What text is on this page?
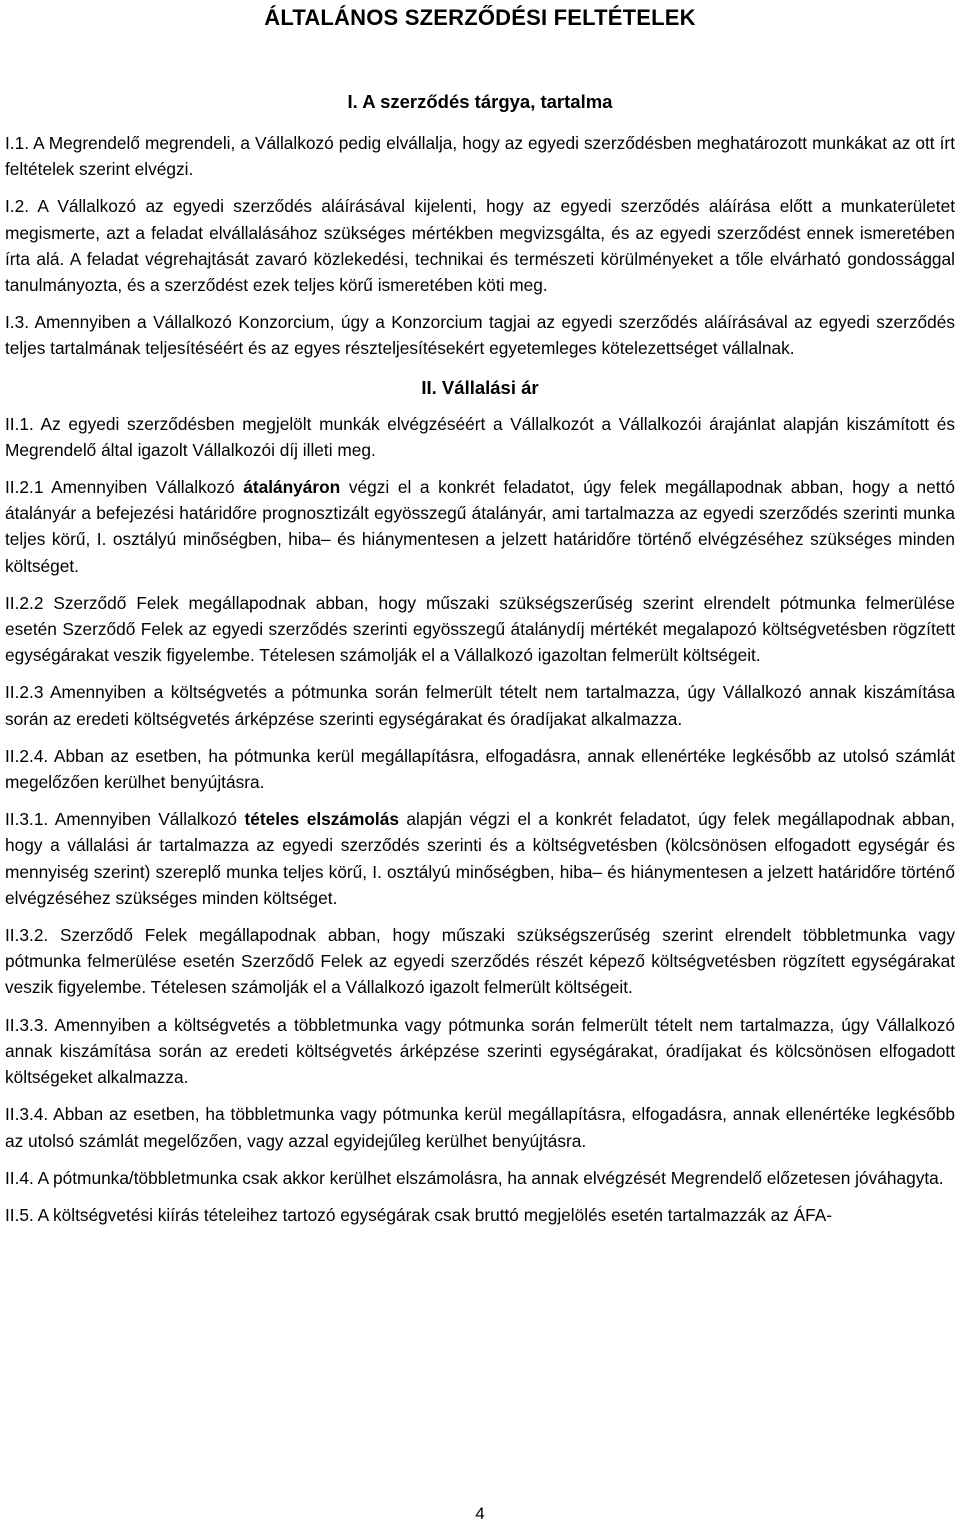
ÁLTALÁNOS SZERZŐDÉSI FELTÉTELEK
I. A szerződés tárgya, tartalma

I.1. A Megrendelő megrendeli, a Vállalkozó pedig elvállalja, hogy az egyedi szerződésben meghatározott munkákat az ott írt feltételek szerint elvégzi.

I.2. A Vállalkozó az egyedi szerződés aláírásával kijelenti, hogy az egyedi szerződés aláírása előtt a munkaterületet megismerte, azt a feladat elvállalásához szükséges mértékben megvizsgálta, és az egyedi szerződést ennek ismeretében írta alá. A feladat végrehajtását zavaró közlekedési, technikai és természeti körülményeket a tőle elvárható gondossággal tanulmányozta, és a szerződést ezek teljes körű ismeretében köti meg.

I.3. Amennyiben a Vállalkozó Konzorcium, úgy a Konzorcium tagjai az egyedi szerződés aláírásával az egyedi szerződés teljes tartalmának teljesítéséért és az egyes részteljesítésekért egyetemleges kötelezettséget vállalnak.

II. Vállalási ár

II.1. Az egyedi szerződésben megjelölt munkák elvégzéséért a Vállalkozót a Vállalkozói árajánlat alapján kiszámított és Megrendelő által igazolt Vállalkozói díj illeti meg.

II.2.1 Amennyiben Vállalkozó átalányáron végzi el a konkrét feladatot, úgy felek megállapodnak abban, hogy a nettó átalányár a befejezési határidőre prognosztizált egyösszegű átalányár, ami tartalmazza az egyedi szerződés szerinti munka teljes körű, I. osztályú minőségben, hiba– és hiánymentesen a jelzett határidőre történő elvégzéséhez szükséges minden költséget.

II.2.2 Szerződő Felek megállapodnak abban, hogy műszaki szükségszerűség szerint elrendelt pótmunka felmerülése esetén Szerződő Felek az egyedi szerződés szerinti egyösszegű átalánydíj mértékét megalapozó költségvetésben rögzített egységárakat veszik figyelembe. Tételesen számolják el a Vállalkozó igazoltan felmerült költségeit.

II.2.3 Amennyiben a költségvetés a pótmunka során felmerült tételt nem tartalmazza, úgy Vállalkozó annak kiszámítása során az eredeti költségvetés árképzése szerinti egységárakat és óradíjakat alkalmazza.

II.2.4. Abban az esetben, ha pótmunka kerül megállapításra, elfogadásra, annak ellenértéke legkésőbb az utolsó számlát megelőzően kerülhet benyújtásra.

II.3.1. Amennyiben Vállalkozó tételes elszámolás alapján végzi el a konkrét feladatot, úgy felek megállapodnak abban, hogy a vállalási ár tartalmazza az egyedi szerződés szerinti és a költségvetésben (kölcsönösen elfogadott egységár és mennyiség szerint) szereplő munka teljes körű, I. osztályú minőségben, hiba– és hiánymentesen a jelzett határidőre történő elvégzéséhez szükséges minden költséget.

II.3.2. Szerződő Felek megállapodnak abban, hogy műszaki szükségszerűség szerint elrendelt többletmunka vagy pótmunka felmerülése esetén Szerződő Felek az egyedi szerződés részét képező költségvetésben rögzített egységárakat veszik figyelembe. Tételesen számolják el a Vállalkozó igazolt felmerült költségeit.

II.3.3. Amennyiben a költségvetés a többletmunka vagy pótmunka során felmerült tételt nem tartalmazza, úgy Vállalkozó annak kiszámítása során az eredeti költségvetés árképzése szerinti egységárakat, óradíjakat és kölcsönösen elfogadott költségeket alkalmazza.

II.3.4. Abban az esetben, ha többletmunka vagy pótmunka kerül megállapításra, elfogadásra, annak ellenértéke legkésőbb az utolsó számlát megelőzően, vagy azzal egyidejűleg kerülhet benyújtásra.

II.4. A pótmunka/többletmunka csak akkor kerülhet elszámolásra, ha annak elvégzését Megrendelő előzetesen jóváhagyta.

II.5. A költségvetési kiírás tételeihez tartozó egységárak csak bruttó megjelölés esetén tartalmazzák az ÁFA-

4
